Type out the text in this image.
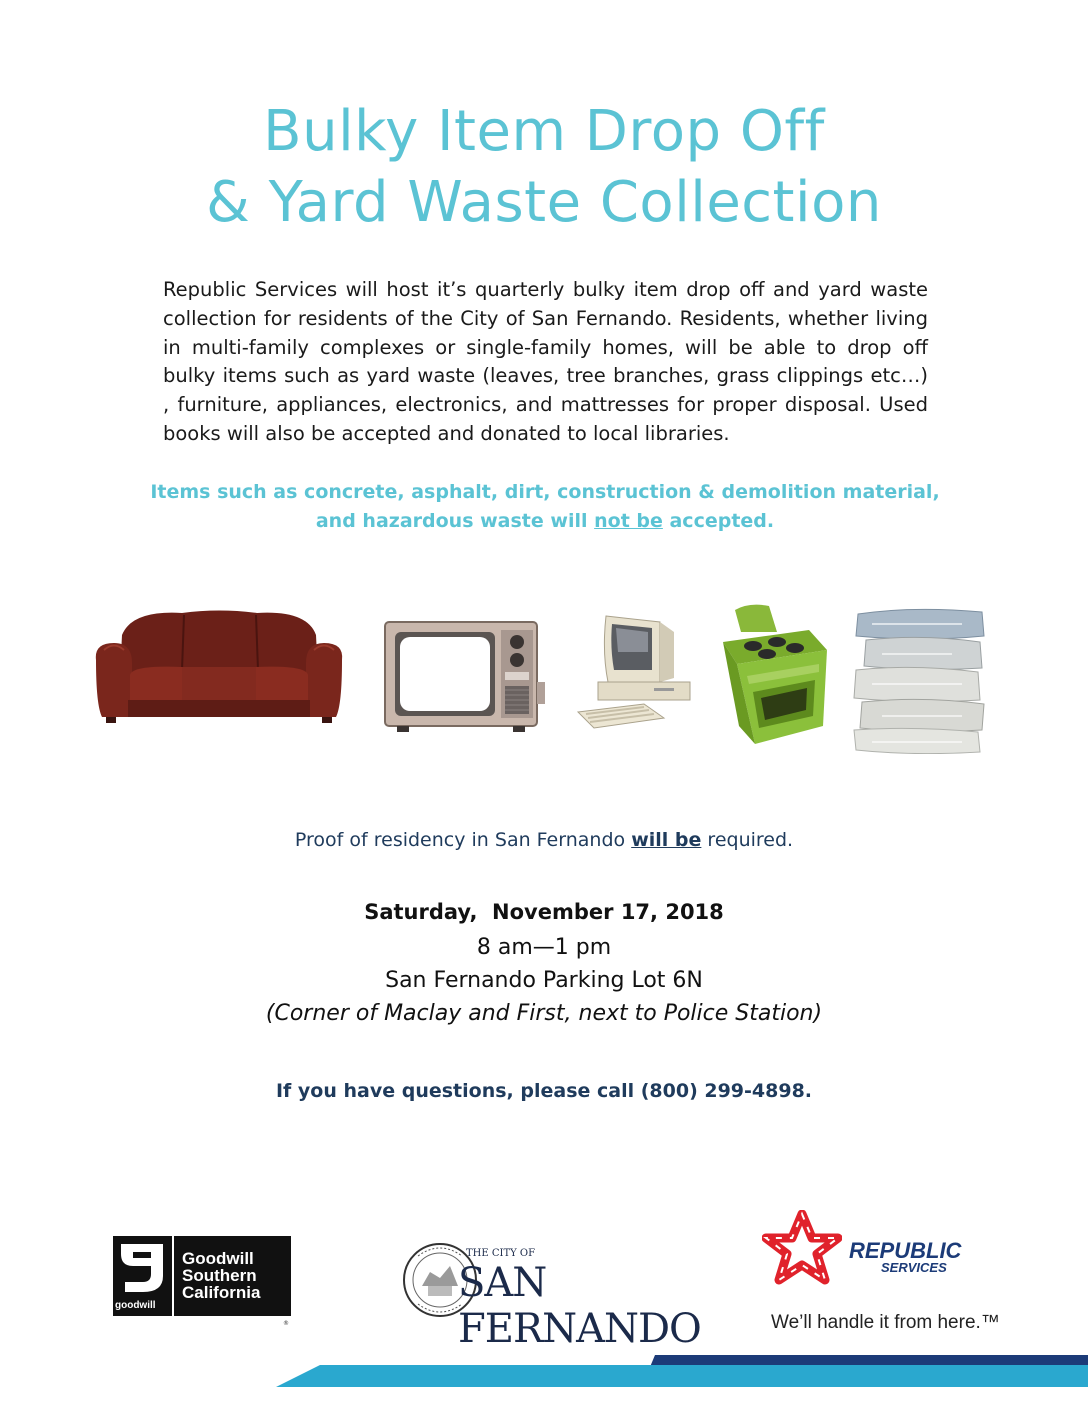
Bulky Item Drop Off
& Yard Waste Collection

Republic Services will host it’s quarterly bulky item drop off and yard waste collection for residents of the City of San Fernando. Residents, whether living in multi-family complexes or single-family homes, will be able to drop off bulky items such as yard waste (leaves, tree branches, grass clippings etc…) , furniture, appliances, electronics, and mattresses for proper disposal. Used books will also be accepted and donated to local libraries.

Items such as concrete, asphalt, dirt, construction & demolition material, and hazardous waste will not be accepted.
Proof of residency in San Fernando will be required.
Saturday,  November 17, 2018
8 am—1 pm
San Fernando Parking Lot 6N
(Corner of Maclay and First, next to Police Station)
If you have questions, please call (800) 299-4898.
goodwill
Goodwill
Southern
California
®
THE CITY OF
SAN FERNANDO
REPUBLIC
SERVICES
We’ll handle it from here.™
